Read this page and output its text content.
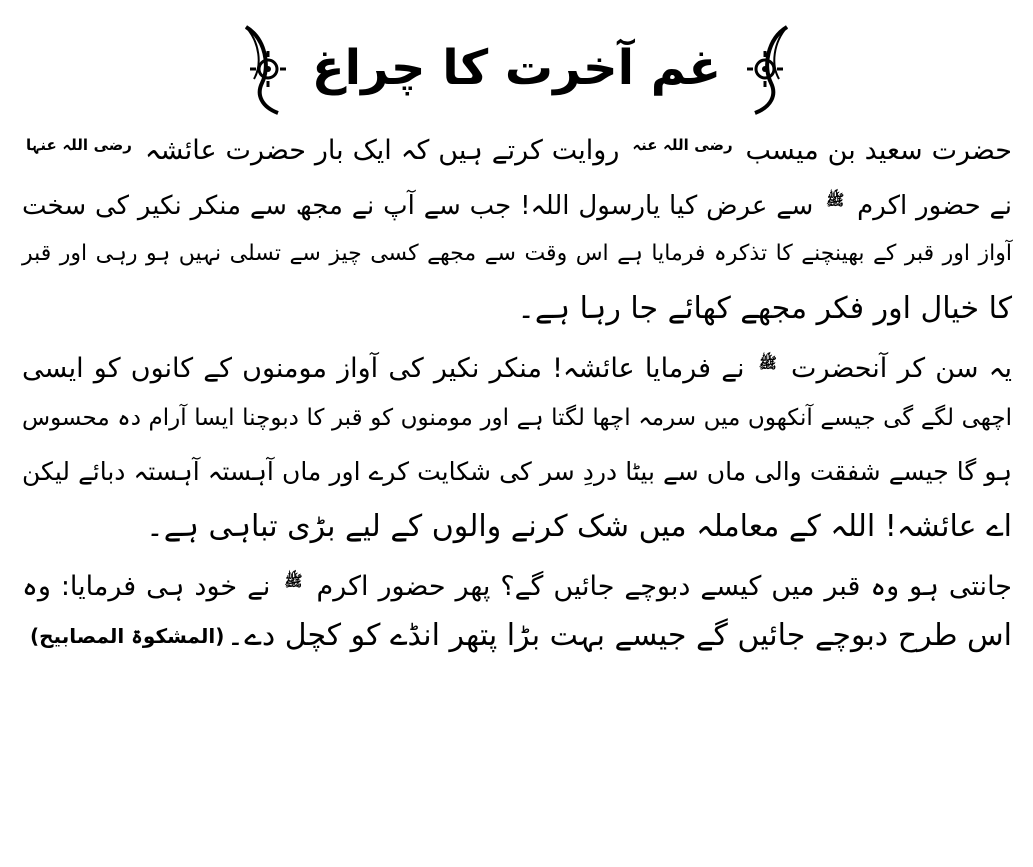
غم آخرت کا چراغ
حضرت سعید بن میسب $^{رضی اللہ عنہ}$ روایت کرتے ہیں کہ ایک بار حضرت عائشہ $^{رضی اللہ عنہا}$
نے حضور اکرم $^ﷺ$ سے عرض کیا یارسول اللہ! جب سے آپ نے مجھ سے منکر نکیر کی سخت
آواز اور قبر کے بھینچنے کا تذکرہ فرمایا ہے اس وقت سے مجھے کسی چیز سے تسلی نہیں ہو رہی اور قبر
کا خیال اور فکر مجھے کھائے جا رہا ہے۔
یہ سن کر آنحضرت $^ﷺ$ نے فرمایا عائشہ! منکر نکیر کی آواز مومنوں کے کانوں کو ایسی
اچھی لگے گی جیسے آنکھوں میں سرمہ اچھا لگتا ہے اور مومنوں کو قبر کا دبوچنا ایسا آرام دہ محسوس
ہو گا جیسے شفقت والی ماں سے بیٹا دردِ سر کی شکایت کرے اور ماں آہستہ آہستہ دبائے لیکن
اے عائشہ! اللہ کے معاملہ میں شک کرنے والوں کے لیے بڑی تباہی ہے۔
جانتی ہو وہ قبر میں کیسے دبوچے جائیں گے؟ پھر حضور اکرم $^ﷺ$ نے خود ہی فرمایا: وہ
اس طرح دبوچے جائیں گے جیسے بہت بڑا پتھر انڈے کو کچل دے۔
(المشکوۃ المصابیح)
